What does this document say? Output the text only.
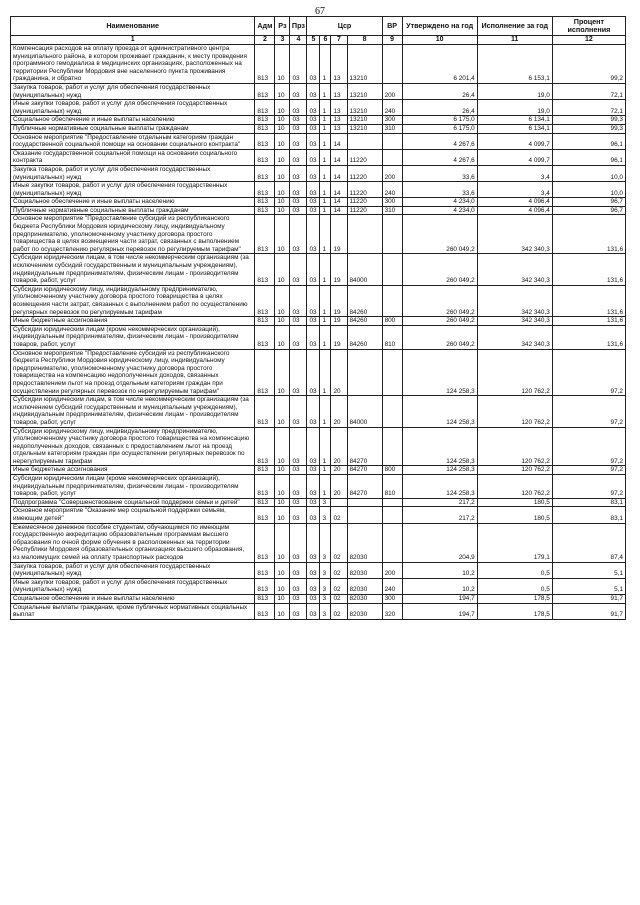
67
Наименование	Адм	Рз	Прз	Цср				ВР	Утверждено на год	Исполнение за год	Процент исполнения
1	2	3	4	5	6	7	8	9	10	11	12
Компенсация расходов на оплату проезда от административного центра муниципального района, в котором проживает гражданин, к месту проведения программного гемодиализа в медицинских организациях, расположенных на территории Республики Мордовия вне населенного пункта проживания гражданина, и обратно	813	10	03	03	1	13	13210		6 201,4	6 153,1	99,2
Закупка товаров, работ и услуг для обеспечения государственных (муниципальных) нужд	813	10	03	03	1	13	13210	200	26,4	19,0	72,1
Иные закупки товаров, работ и услуг для обеспечения государственных (муниципальных) нужд	813	10	03	03	1	13	13210	240	26,4	19,0	72,1
Социальное обеспечение и иные выплаты населению	813	10	03	03	1	13	13210	300	6 175,0	6 134,1	99,3
Публичные нормативные социальные выплаты гражданам	813	10	03	03	1	13	13210	310	6 175,0	6 134,1	99,3
Основное мероприятие "Предоставление отдельным категориям граждан государственной социальной помощи на основании социального контракта"	813	10	03	03	1	14			4 267,6	4 099,7	96,1
Оказание государственной социальной помощи на основании социального контракта	813	10	03	03	1	14	11220		4 267,6	4 099,7	96,1
Закупка товаров, работ и услуг для обеспечения государственных (муниципальных) нужд	813	10	03	03	1	14	11220	200	33,6	3,4	10,0
Иные закупки товаров, работ и услуг для обеспечения государственных (муниципальных) нужд	813	10	03	03	1	14	11220	240	33,6	3,4	10,0
Социальное обеспечение и иные выплаты населению	813	10	03	03	1	14	11220	300	4 234,0	4 096,4	96,7
Публичные нормативные социальные выплаты гражданам	813	10	03	03	1	14	11220	310	4 234,0	4 096,4	96,7
Основное мероприятие "Предоставление субсидий из республиканского бюджета Республики Мордовия юридическому лицу, индивидуальному предпринимателю, уполномоченному участнику договора простого товарищества в целях возмещения части затрат, связанных с выполнением работ по осуществлению регулярных перевозок по регулируемым тарифам"	813	10	03	03	1	19			260 049,2	342 340,3	131,6
Субсидии юридическим лицам, в том числе некоммерческим организациям (за исключением субсидий государственным и муниципальным учреждениям), индивидуальным предпринимателям, физическим лицам - производителям товаров, работ, услуг	813	10	03	03	1	19	84000		260 049,2	342 340,3	131,6
Субсидии юридическому лицу, индивидуальному предпринимателю, уполномоченному участнику договора простого товарищества в целях возмещения части затрат, связанных с выполнением работ по осуществлению регулярных перевозок по регулируемым тарифам	813	10	03	03	1	19	84260		260 049,2	342 340,3	131,6
Иные бюджетные ассигнования	813	10	03	03	1	19	84260	800	260 049,2	342 340,3	131,6
Субсидии юридическим лицам (кроме некоммерческих организаций), индивидуальным предпринимателям, физическим лицам - производителям товаров, работ, услуг	813	10	03	03	1	19	84260	810	260 049,2	342 340,3	131,6
Основное мероприятие "Предоставление субсидий из республиканского бюджета Республики Мордовия юридическому лицу, индивидуальному предпринимателю, уполномоченному участнику договора простого товарищества на компенсацию недополученных доходов, связанных предоставлением льгот на проезд отдельным категориям граждан при осуществлении регулярных перевозок по нерегулируемым тарифам"	813	10	03	03	1	20			124 258,3	120 762,2	97,2
Субсидии юридическим лицам, в том числе некоммерческим организациям (за исключением субсидий государственным и муниципальным учреждениям), индивидуальным предпринимателям, физическим лицам - производителям товаров, работ, услуг	813	10	03	03	1	20	84000		124 258,3	120 762,2	97,2
Субсидии юридическому лицу, индивидуальному предпринимателю, уполномоченному участнику договора простого товарищества на компенсацию недополученных доходов, связанных с предоставлением льгот на проезд отдельным категориям граждан при осуществлении регулярных перевозок по нерегулируемым тарифам	813	10	03	03	1	20	84270		124 258,3	120 762,2	97,2
Иные бюджетные ассигнования	813	10	03	03	1	20	84270	800	124 258,3	120 762,2	97,2
Субсидии юридическим лицам (кроме некоммерческих организаций), индивидуальным предпринимателям, физическим лицам - производителям товаров, работ, услуг	813	10	03	03	1	20	84270	810	124 258,3	120 762,2	97,2
Подпрограмма "Совершенствование социальной поддержки семьи и детей"	813	10	03	03	3				217,2	180,5	83,1
Основное мероприятие "Оказание мер социальной поддержки семьям, имеющим детей"	813	10	03	03	3	02			217,2	180,5	83,1
Ежемесячное денежное пособие студентам, обучающимся по имеющим государственную аккредитацию образовательным программам высшего образования по очной форме обучения в расположенных на территории Республики Мордовия образовательных организациях высшего образования, из малоимущих семей на оплату транспортных расходов	813	10	03	03	3	02	82030		204,9	179,1	87,4
Закупка товаров, работ и услуг для обеспечения государственных (муниципальных) нужд	813	10	03	03	3	02	82030	200	10,2	0,5	5,1
Иные закупки товаров, работ и услуг для обеспечения государственных (муниципальных) нужд	813	10	03	03	3	02	82030	240	10,2	0,5	5,1
Социальное обеспечение и иные выплаты населению	813	10	03	03	3	02	82030	300	194,7	178,5	91,7
Социальные выплаты гражданам, кроме публичных нормативных социальных выплат	813	10	03	03	3	02	82030	320	194,7	178,5	91,7
